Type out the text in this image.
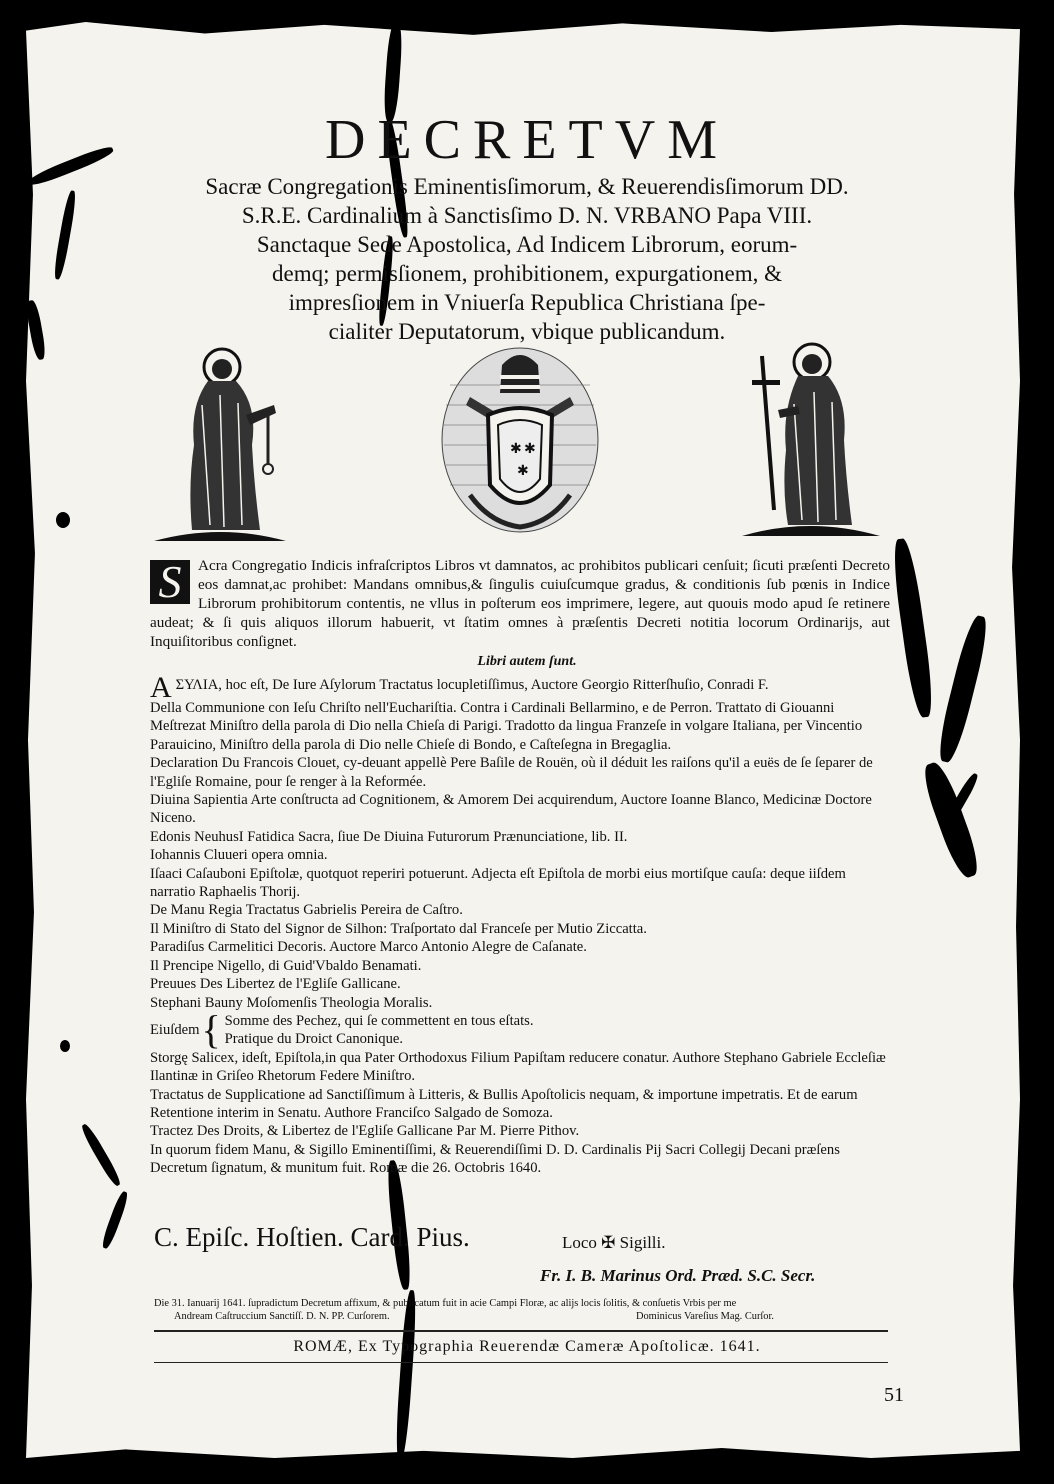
DECRETVM
Sacræ Congregationis Eminentisſimorum, & Reuerendisſimorum DD.
S.R.E. Cardinalium à Sanctisſimo D. N. VRBANO Papa VIII.
Sanctaque Sede Apostolica, Ad Indicem Librorum, eorum-
demq; permisſionem, prohibitionem, expurgationem, &
impresſionem in Vniuerſa Republica Christiana ſpe-
cialiter Deputatorum, vbique publicandum.
✱ ✱
✱
S	Acra Congregatio Indicis infraſcriptos Libros vt damnatos, ac prohibitos publicari cenſuit; ſicuti præſenti Decreto eos damnat,ac prohibet: Mandans omnibus,& ſingulis cuiuſcumque gradus, & conditionis ſub pœnis in Indice Librorum prohibitorum contentis, ne vllus in poſterum eos imprimere, legere, aut quouis modo apud ſe retinere audeat; & ſi quis aliquos illorum habuerit, vt ſtatim omnes à præſentis Decreti notitia locorum Ordinarijs, aut Inquiſitoribus conſignet.
Libri autem ſunt.
ΑΣΥΛΙΑ, hoc eſt, De Iure Aſylorum Tractatus locupletiſſimus, Auctore Georgio Ritterſhuſio, Conradi F.
Della Communione con Ieſu Chriſto nell'Euchariſtia. Contra i Cardinali Bellarmino, e de Perron. Trattato di Giouanni Meſtrezat Miniſtro della parola di Dio nella Chieſa di Parigi. Tradotto da lingua Franzeſe in volgare Italiana, per Vincentio Parauicino, Miniſtro della parola di Dio nelle Chieſe di Bondo, e Caſteſegna in Bregaglia.
Declaration Du Francois Clouet, cy-deuant appellè Pere Baſile de Rouën, où il déduit les raiſons qu'il a euës de ſe ſeparer de l'Egliſe Romaine, pour ſe renger à la Reformée.
Diuina Sapientia Arte conſtructa ad Cognitionem, & Amorem Dei acquirendum, Auctore Ioanne Blanco, Medicinæ Doctore Niceno.
Edonis NeuhusI Fatidica Sacra, ſiue De Diuina Futurorum Prænunciatione, lib. II.
Iohannis Cluueri opera omnia.
Iſaaci Caſauboni Epiſtolæ, quotquot reperiri potuerunt. Adjecta eſt Epiſtola de morbi eius mortiſque cauſa: deque iiſdem narratio Raphaelis Thorij.
De Manu Regia Tractatus Gabrielis Pereira de Caſtro.
Il Miniſtro di Stato del Signor de Silhon: Traſportato dal Franceſe per Mutio Ziccatta.
Paradiſus Carmelitici Decoris. Auctore Marco Antonio Alegre de Caſanate.
Il Prencipe Nigello, di Guid'Vbaldo Benamati.
Preuues Des Libertez de l'Egliſe Gallicane.
Stephani Bauny Moſomenſis Theologia Moralis.
Eiuſdem { Somme des Pechez, qui ſe commettent en tous eſtats.
Pratique du Droict Canonique.
Storgę Salicex, ideſt, Epiſtola,in qua Pater Orthodoxus Filium Papiſtam reducere conatur. Authore Stephano Gabriele Eccleſiæ Ilantinæ in Griſeo Rhetorum Federe Miniſtro.
Tractatus de Supplicatione ad Sanctiſſimum à Litteris, & Bullis Apoſtolicis nequam, & importune impetratis. Et de earum Retentione interim in Senatu. Authore Franciſco Salgado de Somoza.
Tractez Des Droits, & Libertez de l'Egliſe Gallicane Par M. Pierre Pithov.
In quorum fidem Manu, & Sigillo Eminentiſſimi, & Reuerendiſſimi D. D. Cardinalis Pij Sacri Collegij Decani præſens Decretum ſignatum, & munitum fuit. Romæ die 26. Octobris 1640.
C. Epiſc. Hoſtien. Card. Pius.	Loco ✠ Sigilli.
Fr. I. B. Marinus Ord. Præd. S.C. Secr.
Die 31. Ianuarij 1641. ſupradictum Decretum affixum, & publicatum fuit in acie Campi Floræ, ac alijs locis ſolitis, & conſuetis Vrbis per me
Andream Caſtruccium Sanctiſſ. D. N. PP. Curſorem.	Dominicus Vareſius Mag. Curſor.
ROMÆ, Ex Typographia Reuerendæ Cameræ Apoſtolicæ. 1641.
51
